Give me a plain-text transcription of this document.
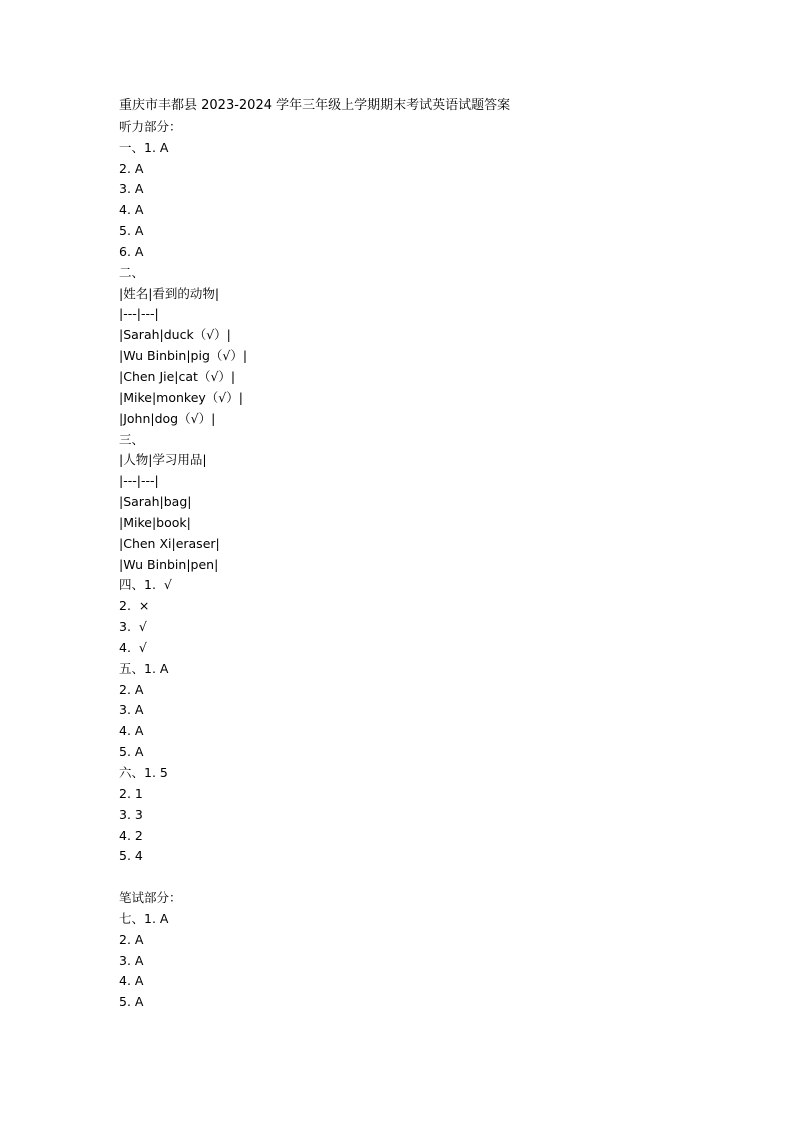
重庆市丰都县 2023-2024 学年三年级上学期期末考试英语试题答案
听力部分：
一、1. A
2. A
3. A
4. A
5. A
6. A
二、
|姓名|看到的动物|
|---|---|
|Sarah|duck（√）|
|Wu Binbin|pig（√）|
|Chen Jie|cat（√）|
|Mike|monkey（√）|
|John|dog（√）|
三、
|人物|学习用品|
|---|---|
|Sarah|bag|
|Mike|book|
|Chen Xi|eraser|
|Wu Binbin|pen|
四、1.  √
2.  ×
3.  √
4.  √
五、1. A
2. A
3. A
4. A
5. A
六、1. 5
2. 1
3. 3
4. 2
5. 4
笔试部分：
七、1. A
2. A
3. A
4. A
5. A
